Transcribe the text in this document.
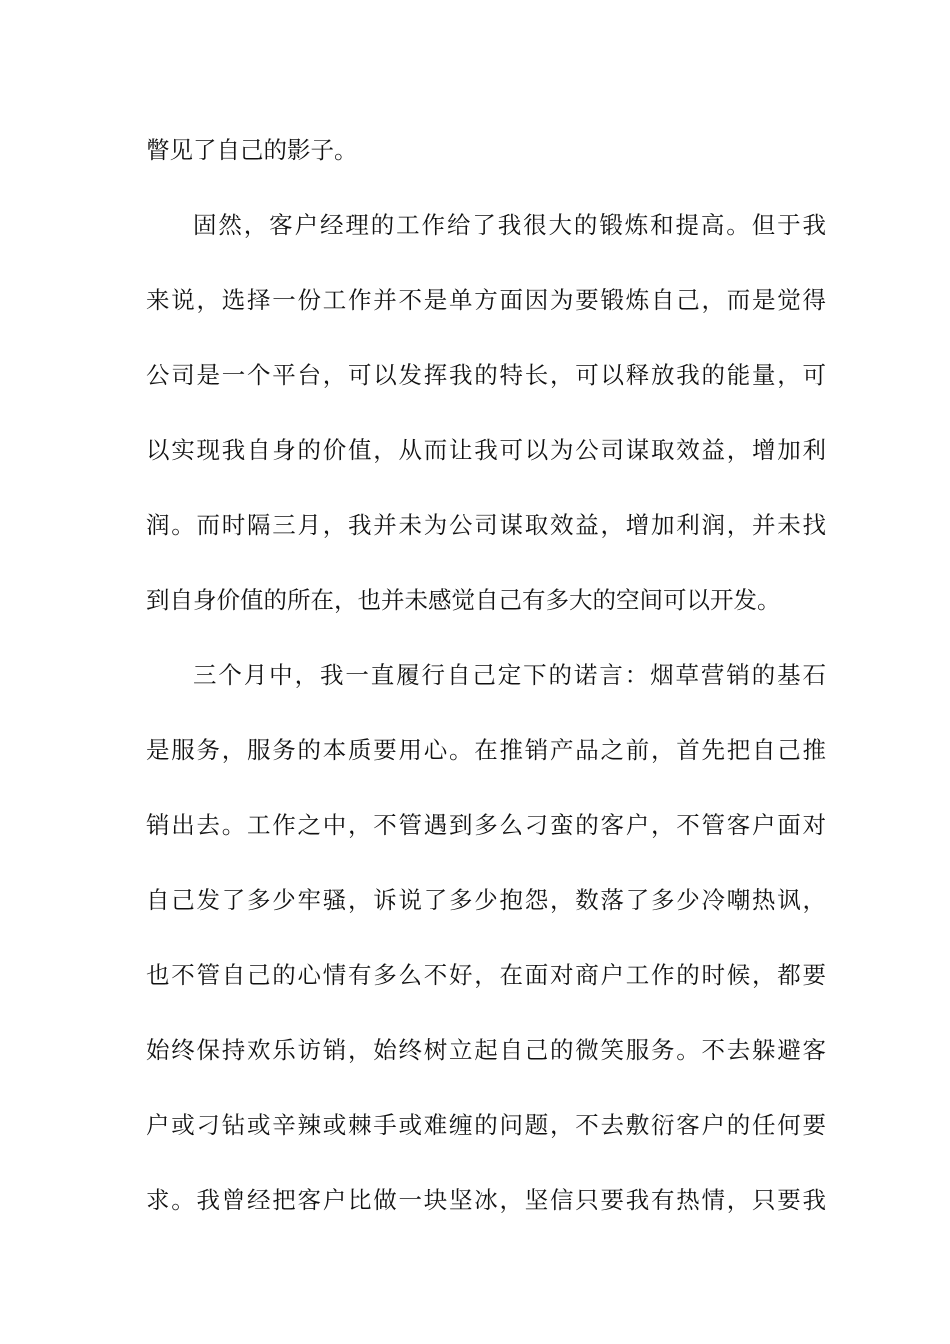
瞥见了自己的影子。
固然，客户经理的工作给了我很大的锻炼和提高。但于我
来说，选择一份工作并不是单方面因为要锻炼自己，而是觉得
公司是一个平台，可以发挥我的特长，可以释放我的能量，可
以实现我自身的价值，从而让我可以为公司谋取效益，增加利
润。而时隔三月，我并未为公司谋取效益，增加利润，并未找
到自身价值的所在，也并未感觉自己有多大的空间可以开发。
三个月中，我一直履行自己定下的诺言：烟草营销的基石
是服务，服务的本质要用心。在推销产品之前，首先把自己推
销出去。工作之中，不管遇到多么刁蛮的客户，不管客户面对
自己发了多少牢骚，诉说了多少抱怨，数落了多少冷嘲热讽，
也不管自己的心情有多么不好，在面对商户工作的时候，都要
始终保持欢乐访销，始终树立起自己的微笑服务。不去躲避客
户或刁钻或辛辣或棘手或难缠的问题，不去敷衍客户的任何要
求。我曾经把客户比做一块坚冰，坚信只要我有热情，只要我
